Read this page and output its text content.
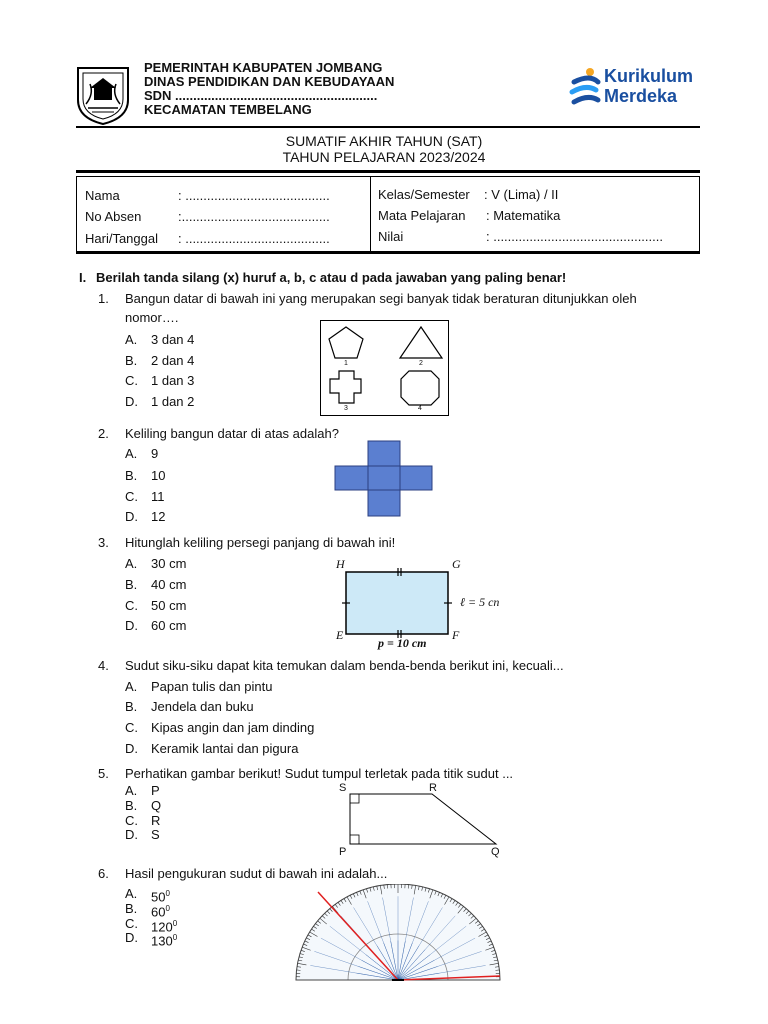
PEMERINTAH KABUPATEN JOMBANG
DINAS PENDIDIKAN DAN KEBUDAYAAN
SDN ........................................................
KECAMATAN TEMBELANG
Kurikulum
Merdeka
SUMATIF AKHIR TAHUN (SAT)
TAHUN PELAJARAN 2023/2024
Nama	: ........................................
No Absen	:.........................................
Hari/Tanggal : ........................................
Kelas/Semester : V (Lima) / II
Mata Pelajaran : Matematika
Nilai	: ...............................................
I. Berilah tanda silang (x) huruf a, b, c atau d pada jawaban yang paling benar!
1. Bangun datar di bawah ini yang merupakan segi banyak tidak beraturan ditunjukkan oleh
nomor….
A. 3 dan 4
B. 2 dan 4
C. 1 dan 3
D. 1 dan 2
1	2
3	4
2. Keliling bangun datar di atas adalah?
A. 9
B. 10
C. 11
D. 12
3. Hitunglah keliling persegi panjang di bawah ini!
A. 30 cm
B. 40 cm
C. 50 cm
D. 60 cm
H	G
E	F
ℓ = 5 cn
p = 10 cm
4. Sudut siku-siku dapat kita temukan dalam benda-benda berikut ini, kecuali...
A. Papan tulis dan pintu
B. Jendela dan buku
C. Kipas angin dan jam dinding
D. Keramik lantai dan pigura
5. Perhatikan gambar berikut! Sudut tumpul terletak pada titik sudut ...
A. P
B. Q
C. R
D. S
S	R
P	Q
6. Hasil pengukuran sudut di bawah ini adalah...
A. $50^0$
B. $60^0$
C. $120^0$
D. $130^0$
